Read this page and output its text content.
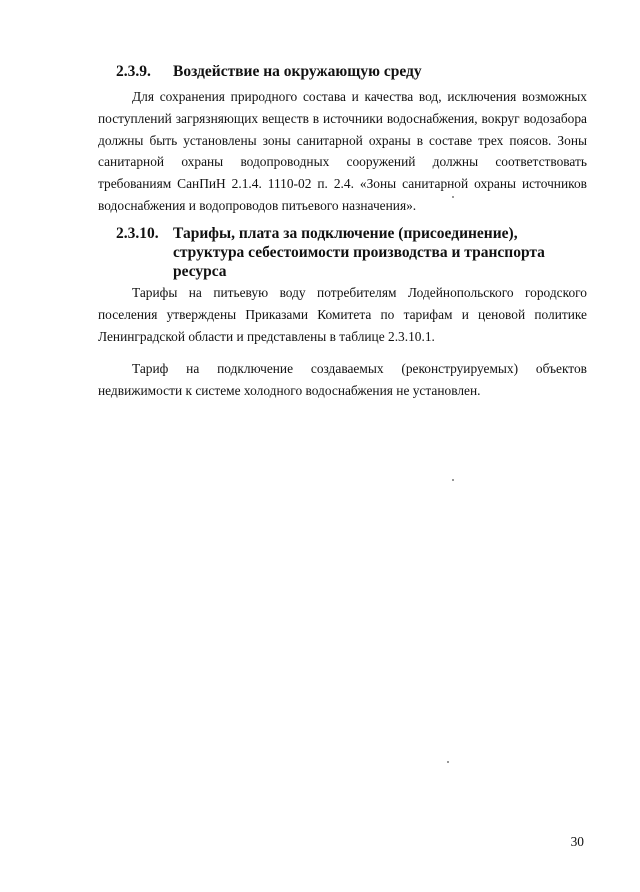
2.3.9.	Воздействие на окружающую среду

Для сохранения природного состава и качества вод, исключения возможных поступлений загрязняющих веществ в источники водоснабжения, вокруг водозабора должны быть установлены зоны санитарной охраны в составе трех поясов. Зоны санитарной охраны водопроводных сооружений должны соответствовать требованиям СанПиН 2.1.4. 1110-02 п. 2.4. «Зоны санитарной охраны источников водоснабжения и водопроводов питьевого назначения».

2.3.10. Тарифы, плата за подключение (присоединение), структура себестоимости производства и транспорта ресурса

Тарифы на питьевую воду потребителям Лодейнопольского городского поселения утверждены Приказами Комитета по тарифам и ценовой политике Ленинградской области и представлены в таблице 2.3.10.1.

Тариф на подключение создаваемых (реконструируемых) объектов недвижимости к системе холодного водоснабжения не установлен.

30
